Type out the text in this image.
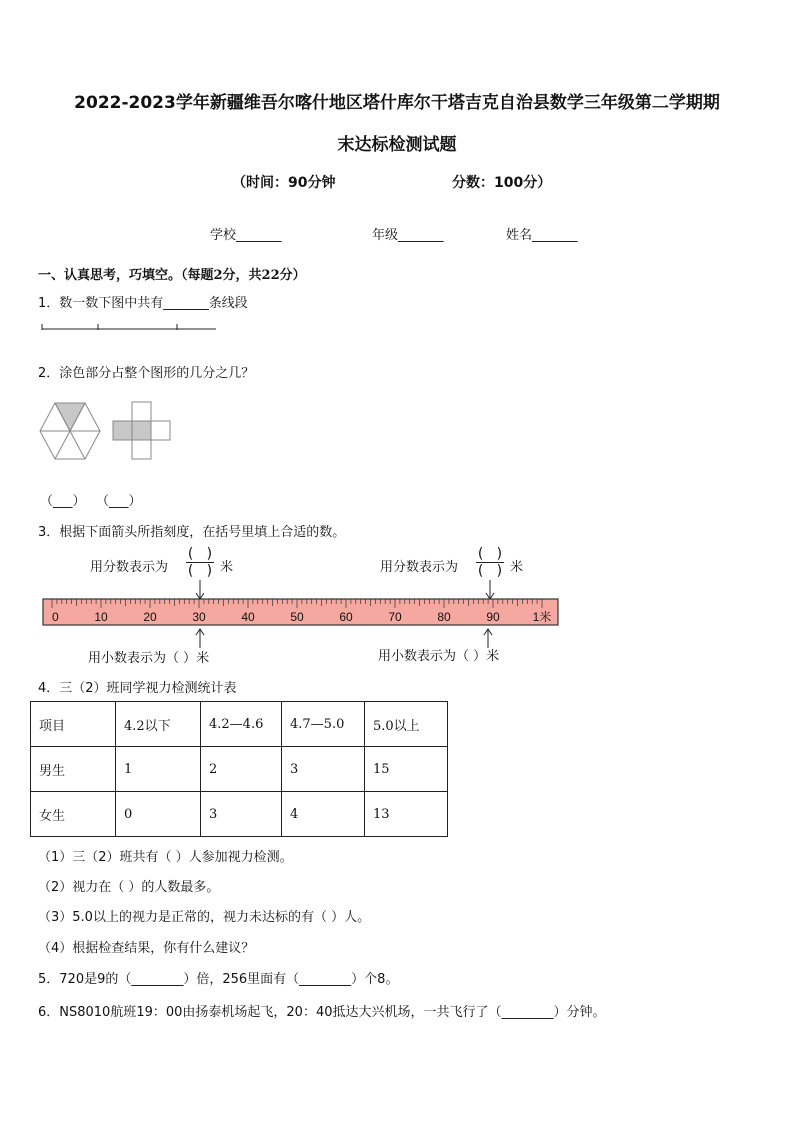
2022-2023学年新疆维吾尔喀什地区塔什库尔干塔吉克自治县数学三年级第二学期期
末达标检测试题
（时间：90分钟	分数：100分）
学校_______	年级_______	姓名_______
一、认真思考，巧填空。（每题2分，共22分）
1．数一数下图中共有_______条线段
2．涂色部分占整个图形的几分之几？
（___） （___）
3．根据下面箭头所指刻度，在括号里填上合适的数。
用分数表示为
(   )
(   ) 米	用分数表示为
(   )
(   ) 米
0	10	20	30	40	50	60	70	80	90	1米
用小数表示为（ ）米	用小数表示为（ ）米
4．三（2）班同学视力检测统计表
项目	4.2以下	4.2—4.6	4.7—5.0	5.0以上
男生	1	2	3	15
女生	0	3	4	13
（1）三（2）班共有（ ）人参加视力检测。
（2）视力在（ ）的人数最多。
（3）5.0以上的视力是正常的，视力未达标的有（ ）人。
（4）根据检查结果，你有什么建议？
5．720是9的（________）倍，256里面有（________）个8。
6．NS8010航班19：00由扬泰机场起飞，20：40抵达大兴机场，一共飞行了（________）分钟。
